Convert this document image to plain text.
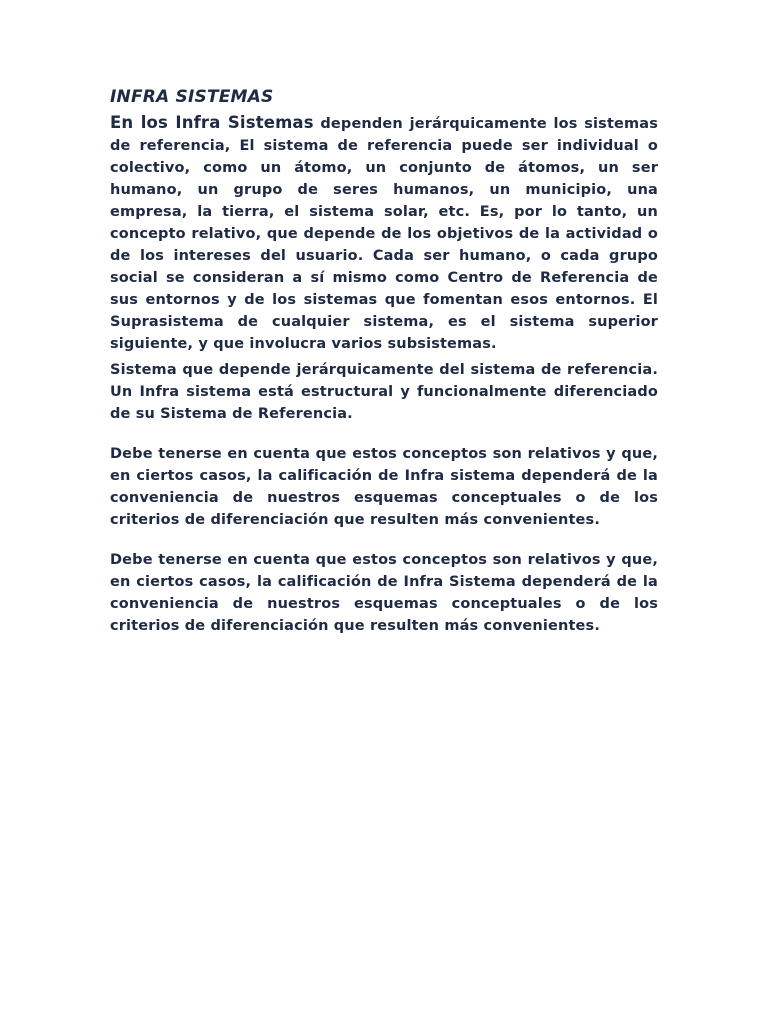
INFRA SISTEMAS

En los Infra Sistemas dependen jerárquicamente los sistemas de referencia, El sistema de referencia puede ser individual o colectivo, como un átomo, un conjunto de átomos, un ser humano, un grupo de seres humanos, un municipio, una empresa, la tierra, el sistema solar, etc. Es, por lo tanto, un concepto relativo, que depende de los objetivos de la actividad o de los intereses del usuario. Cada ser humano, o cada grupo social se consideran a sí mismo como Centro de Referencia de sus entornos y de los sistemas que fomentan esos entornos. El Suprasistema de cualquier sistema, es el sistema superior siguiente, y que involucra varios subsistemas.

Sistema que depende jerárquicamente del sistema de referencia. Un Infra sistema está estructural y funcionalmente diferenciado de su Sistema de Referencia.

Debe tenerse en cuenta que estos conceptos son relativos y que, en ciertos casos, la calificación de Infra sistema dependerá de la conveniencia de nuestros esquemas conceptuales o de los criterios de diferenciación que resulten más convenientes.

Debe tenerse en cuenta que estos conceptos son relativos y que, en ciertos casos, la calificación de Infra Sistema dependerá de la conveniencia de nuestros esquemas conceptuales o de los criterios de diferenciación que resulten más convenientes.
